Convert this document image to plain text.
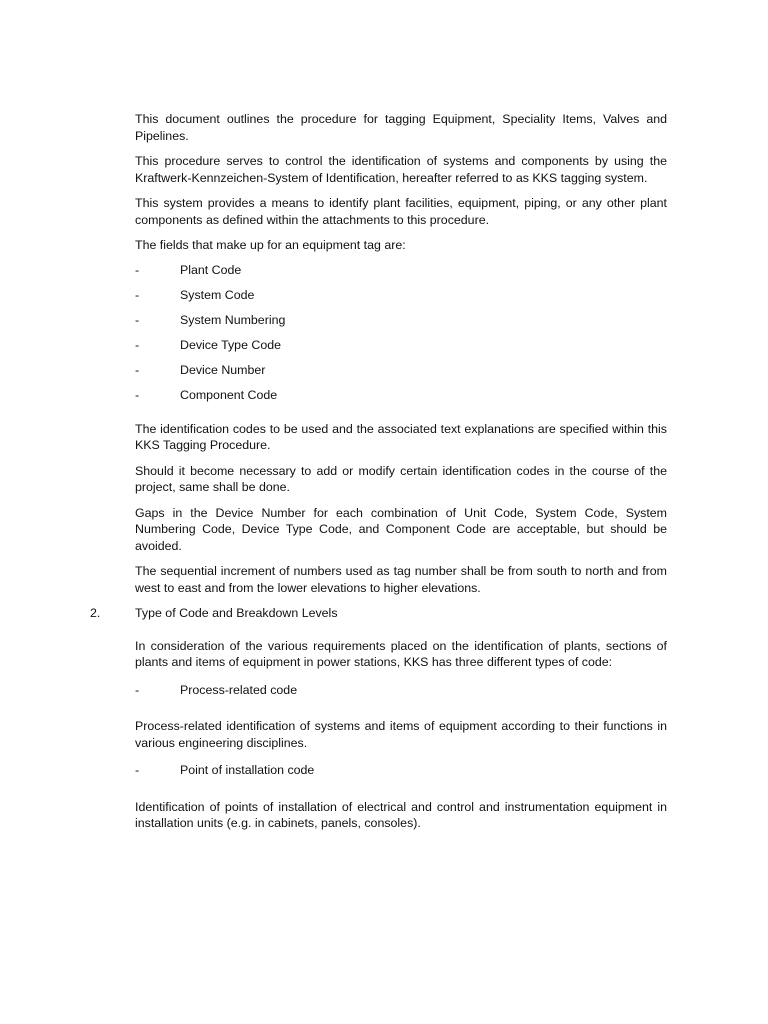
This document outlines the procedure for tagging Equipment, Speciality Items, Valves and Pipelines.

This procedure serves to control the identification of systems and components by using the Kraftwerk-Kennzeichen-System of Identification, hereafter referred to as KKS tagging system.

This system provides a means to identify plant facilities, equipment, piping, or any other plant components as defined within the attachments to this procedure.

The fields that make up for an equipment tag are:

-	Plant Code
-	System Code
-	System Numbering
-	Device Type Code
-	Device Number
-	Component Code

The identification codes to be used and the associated text explanations are specified within this KKS Tagging Procedure.

Should it become necessary to add or modify certain identification codes in the course of the project, same shall be done.

Gaps in the Device Number for each combination of Unit Code, System Code, System Numbering Code, Device Type Code, and Component Code are acceptable, but should be avoided.

The sequential increment of numbers used as tag number shall be from south to north and from west to east and from the lower elevations to higher elevations.

2.	Type of Code and Breakdown Levels

In consideration of the various requirements placed on the identification of plants, sections of plants and items of equipment in power stations, KKS has three different types of code:

-	Process-related code

Process-related identification of systems and items of equipment according to their functions in various engineering disciplines.

-	Point of installation code

Identification of points of installation of electrical and control and instrumentation equipment in installation units (e.g. in cabinets, panels, consoles).
